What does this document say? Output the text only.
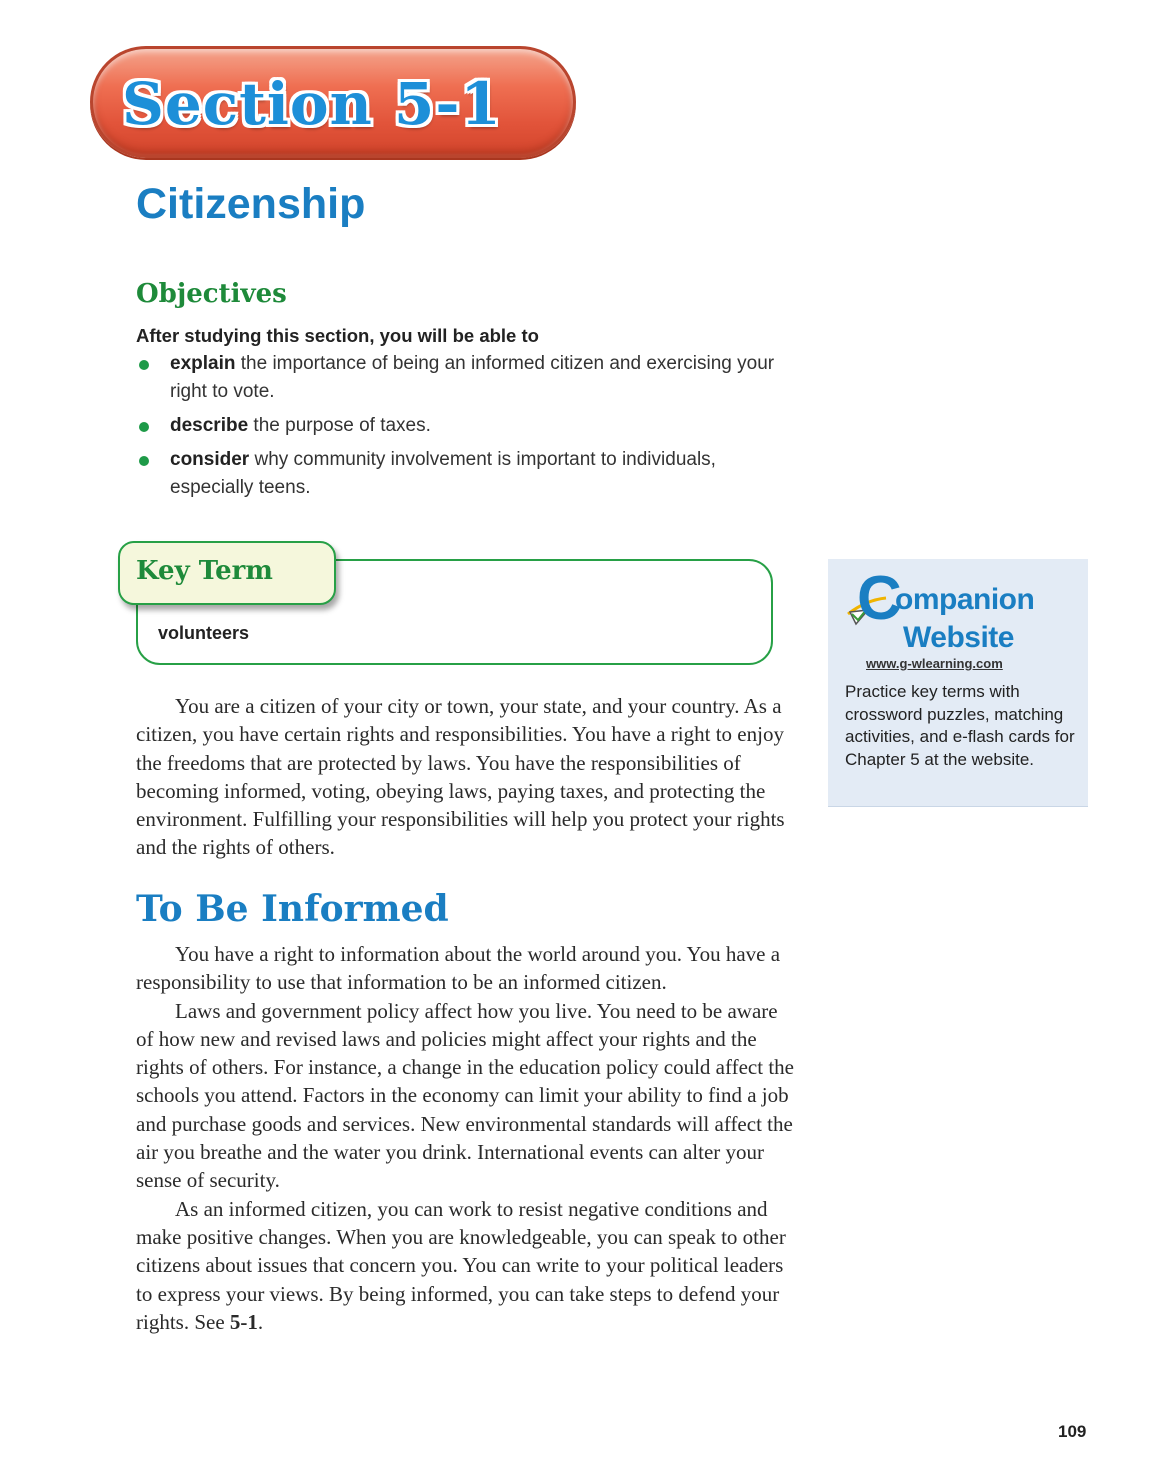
Section 5-1
Citizenship
Objectives
After studying this section, you will be able to
explain the importance of being an informed citizen and exercising your right to vote.
describe the purpose of taxes.
consider why community involvement is important to individuals, especially teens.
Key Term
volunteers

You are a citizen of your city or town, your state, and your country. As a citizen, you have certain rights and responsibilities. You have a right to enjoy the freedoms that are protected by laws. You have the responsibilities of becoming informed, voting, obeying laws, paying taxes, and protecting the environment. Fulfilling your responsibilities will help you protect your rights and the rights of others.

To Be Informed

You have a right to information about the world around you. You have a responsibility to use that information to be an informed citizen.

Laws and government policy affect how you live. You need to be aware of how new and revised laws and policies might affect your rights and the rights of others. For instance, a change in the education policy could affect the schools you attend. Factors in the economy can limit your ability to find a job and purchase goods and services. New environmental standards will affect the air you breathe and the water you drink. International events can alter your sense of security.

As an informed citizen, you can work to resist negative conditions and make positive changes. When you are knowledgeable, you can speak to other citizens about issues that concern you. You can write to your political leaders to express your views. By being informed, you can take steps to defend your rights. See 5-1.

C
ompanion
Website
www.g-wlearning.com
Practice key terms with crossword puzzles, matching activities, and e-flash cards for Chapter 5 at the website.
109
